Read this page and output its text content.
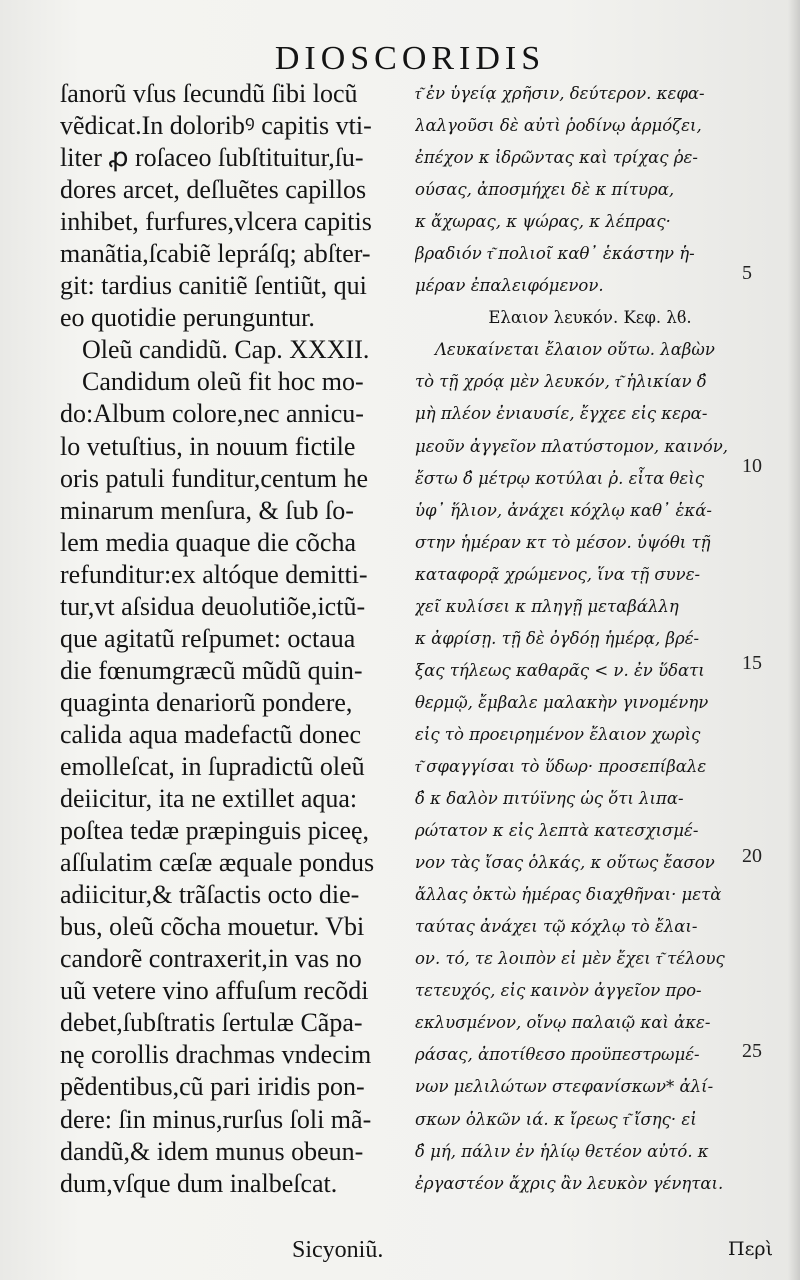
DIOSCORIDIS
ſanorũ vſus ſecundũ ſibi locũ
vẽdicat.In doloribꝰ capitis vti-
liter ꝓ roſaceo ſubſtituitur,ſu-
dores arcet, deſluẽtes capillos
inhibet, furfures,vlcera capitis
manãtia,ſcabiẽ lepráſq; abſter-
git: tardius canitiẽ ſentiũt, qui
eo quotidie perunguntur.
Oleũ candidũ. Cap. XXXII.
Candidum oleũ fit hoc mo-
do:Album colore,nec annicu-
lo vetuſtius, in nouum fictile
oris patuli funditur,centum he
minarum menſura, & ſub ſo-
lem media quaque die cõcha
refunditur:ex altóque demitti-
tur,vt aſsidua deuolutiõe,ictũ-
que agitatũ reſpumet: octaua
die fœnumgræcũ mũdũ quin-
quaginta denariorũ pondere,
calida aqua madefactũ donec
emolleſcat, in ſupradictũ oleũ
deiicitur, ita ne extillet aqua:
poſtea tedæ præpinguis piceę,
aſſulatim cæſæ æquale pondus
adiicitur,& trãſactis octo die-
bus, oleũ cõcha mouetur. Vbi
candorẽ contraxerit,in vas no
uũ vetere vino affuſum recõdi
debet,ſubſtratis ſertulæ Cãpa-
nę corollis drachmas vndecim
pẽdentibus,cũ pari iridis pon-
dere: ſin minus,rurſus ſoli mã-
dandũ,& idem munus obeun-
dum,vſque dum inalbeſcat.
τ͂ ἐν ὑγείᾳ χρῆσιν, δεύτερον. κεφα-
λαλγοῦσι δὲ αὐτὶ ῥοδίνῳ ἁρμόζει,
ἐπέχον κ ἱδρῶντας καὶ τρίχας ῥε-
ούσας, ἀποσμήχει δὲ κ πίτυρα,
κ ἄχωρας, κ ψώρας, κ λέπρας·
βραδιόν τ͂ πολιοῖ καθ᾽ ἑκάστην ἡ-
μέραν ἐπαλειφόμενον.
Ελαιον λευκόν. Κεφ. λϐ.
Λευκαίνεται ἔλαιον οὕτω. λαβὼν
τὸ τῇ χρόᾳ μὲν λευκόν, τ͂ ἡλικίαν δ̓
μὴ πλέον ἐνιαυσίε, ἔγχεε εἰς κερα-
μεοῦν ἀγγεῖον πλατύστομον, καινόν,
ἔστω δ̓ μέτρῳ κοτύλαι ῤ. εἶτα θεὶς
ὑφ᾽ ἥλιον, ἀνάχει κόχλῳ καθ᾽ ἑκά-
στην ἡμέραν κτ τὸ μέσον. ὑψόθι τῇ
καταφορᾷ χρώμενος, ἵνα τῇ συνε-
χεῖ κυλίσει κ πληγῇ μεταβάλλη
κ ἀφρίσῃ. τῇ δὲ ὀγδόῃ ἡμέρᾳ, βρέ-
ξας τήλεως καθαρᾶς < ν. ἐν ὕδατι
θερμῷ, ἔμβαλε μαλακὴν γινομένην
εἰς τὸ προειρημένον ἔλαιον χωρὶς
τ͂ σφαγγίσαι τὸ ὕδωρ· προσεπίβαλε
δ̓ κ δαλὸν πιτύϊνης ὡς ὅτι λιπα-
ρώτατον κ εἰς λεπτὰ κατεσχισμέ-
νον τὰς ἴσας ὁλκάς, κ οὕτως ἔασον
ἄλλας ὀκτὼ ἡμέρας διαχθῆναι· μετὰ
ταύτας ἀνάχει τῷ κόχλῳ τὸ ἔλαι-
ον. τό, τε λοιπὸν εἰ μὲν ἔχει τ͂ τέλους
τετευχός, εἰς καινὸν ἀγγεῖον προ-
εκλυσμένον, οἴνῳ παλαιῷ καὶ ἀκε-
ράσας, ἀποτίθεσο προϋπεστρωμέ-
νων μελιλώτων στεφανίσκων* ἀλί-
σκων ὁλκῶν ιά. κ ἴρεως τ͂ ἴσης· εἰ
δ̓ μή, πάλιν ἐν ἡλίῳ θετέον αὐτό. κ
ἐργαστέον ἄχρις ἂν λευκὸν γένηται.
5
10
15
20
25
Sicyoniũ.	Περὶ
